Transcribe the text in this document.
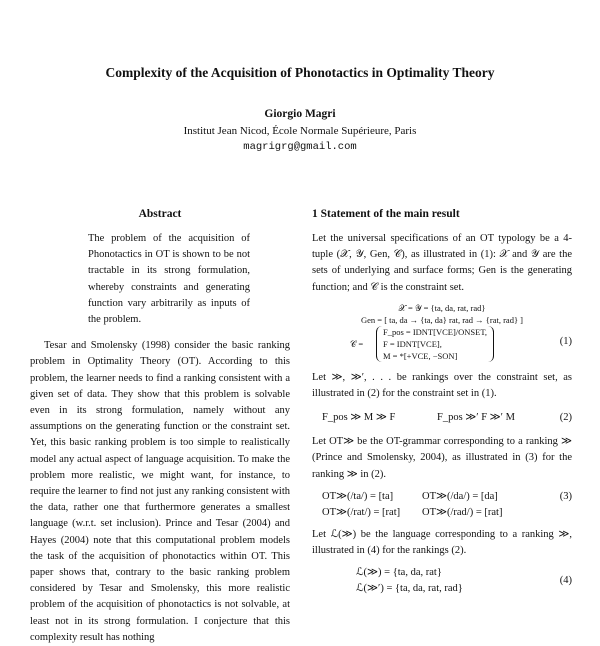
Complexity of the Acquisition of Phonotactics in Optimality Theory
Giorgio Magri
Institut Jean Nicod, École Normale Supérieure, Paris
magrigrg@gmail.com
Abstract
The problem of the acquisition of Phonotactics in OT is shown to be not tractable in its strong formulation, whereby constraints and generating function vary arbitrarily as inputs of the problem.
Tesar and Smolensky (1998) consider the basic ranking problem in Optimality Theory (OT). According to this problem, the learner needs to find a ranking consistent with a given set of data. They show that this problem is solvable even in its strong formulation, namely without any assumptions on the generating function or the constraint set. Yet, this basic ranking problem is too simple to realistically model any actual aspect of language acquisition. To make the problem more realistic, we might want, for instance, to require the learner to find not just any ranking consistent with the data, rather one that furthermore generates a smallest language (w.r.t. set inclusion). Prince and Tesar (2004) and Hayes (2004) note that this computational problem models the task of the acquisition of phonotactics within OT. This paper shows that, contrary to the basic ranking problem considered by Tesar and Smolensky, this more realistic problem of the acquisition of phonotactics is not solvable, at least not in its strong formulation. I conjecture that this complexity result has nothing
1 Statement of the main result
Let the universal specifications of an OT typology be a 4-tuple (𝒳, 𝒴, Gen, 𝒞), as illustrated in (1): 𝒳 and 𝒴 are the sets of underlying and surface forms; Gen is the generating function; and 𝒞 is the constraint set.
𝒳 = 𝒴 = {ta, da, rat, rad}
Gen = [ ta, da → {ta, da} rat, rad → {rat, rad} ]
𝒞 =
F_pos = IDNT[VCE]/ONSET,
F = IDNT[VCE],
M = *[+VCE, −SON]
(1)
Let ≫, ≫′, . . . be rankings over the constraint set, as illustrated in (2) for the constraint set in (1).
F_pos ≫ M ≫ F	F_pos ≫′ F ≫′ M	(2)
Let OT≫ be the OT-grammar corresponding to a ranking ≫ (Prince and Smolensky, 2004), as illustrated in (3) for the ranking ≫ in (2).
OT≫(/ta/) = [ta]	OT≫(/da/) = [da]
OT≫(/rat/) = [rat] OT≫(/rad/) = [rat]
(3)
Let ℒ(≫) be the language corresponding to a ranking ≫, illustrated in (4) for the rankings (2).
ℒ(≫) = {ta, da, rat}
ℒ(≫′) = {ta, da, rat, rad}
(4)
